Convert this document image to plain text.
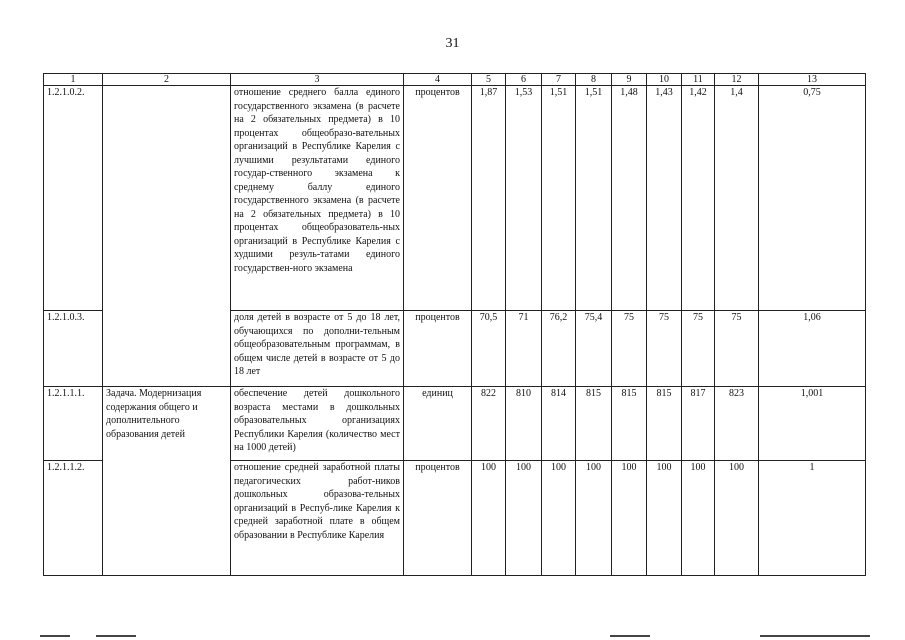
31
1	2	3	4	5	6	7	8	9	10	11	12	13
1.2.1.0.2.		отношение среднего балла единого государственного экзамена (в расчете на 2 обязательных предмета) в 10 процентах общеобразо-вательных организаций в Республике Карелия с лучшими результатами единого государ-ственного экзамена к среднему баллу единого государственного экзамена (в расчете на 2 обязательных предмета) в 10 процентах общеобразователь-ных организаций в Республике Карелия с худшими резуль-татами единого государствен-ного экзамена	процентов	1,87	1,53	1,51	1,51	1,48	1,43	1,42	1,4	0,75
1.2.1.0.3.		доля детей в возрасте от 5 до 18 лет, обучающихся по дополни-тельным общеобразовательным программам, в общем числе детей в возрасте от 5 до 18 лет	процентов	70,5	71	76,2	75,4	75	75	75	75	1,06
1.2.1.1.1.	Задача. Модернизация содержания общего и дополнительного образования детей	обеспечение детей дошкольного возраста местами в дошкольных образовательных организациях Республики Карелия (количество мест на 1000 детей)	единиц	822	810	814	815	815	815	817	823	1,001
1.2.1.1.2.		отношение средней заработной платы педагогических работ-ников дошкольных образова-тельных организаций в Респуб-лике Карелия к средней заработной плате в общем образовании в Республике Карелия	процентов	100	100	100	100	100	100	100	100	1
